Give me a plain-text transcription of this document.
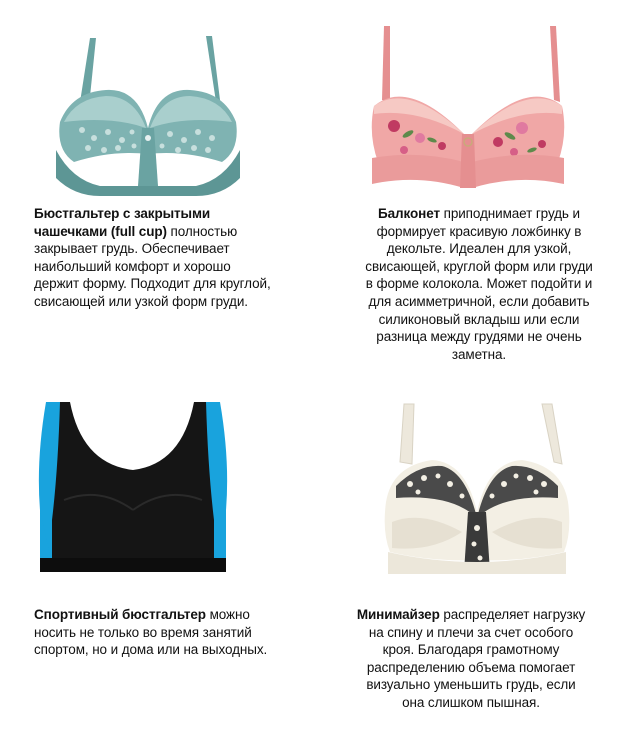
Бюстгальтер с закрытыми чашечками (full cup) полностью закрывает грудь. Обеспечивает наибольший комфорт и хорошо держит форму. Подходит для круглой, свисающей или узкой форм груди.
Балконет приподнимает грудь и формирует красивую ложбинку в декольте. Идеален для узкой, свисающей, круглой форм или груди в форме колокола. Может подойти и для асимметричной, если добавить силиконовый вкладыш или если разница между грудями не очень заметна.
Спортивный бюстгальтер можно носить не только во время занятий спортом, но и дома или на выходных.
Минимайзер распределяет нагрузку на спину и плечи за счет особого кроя. Благодаря грамотному распределению объема помогает визуально уменьшить грудь, если она слишком пышная.
